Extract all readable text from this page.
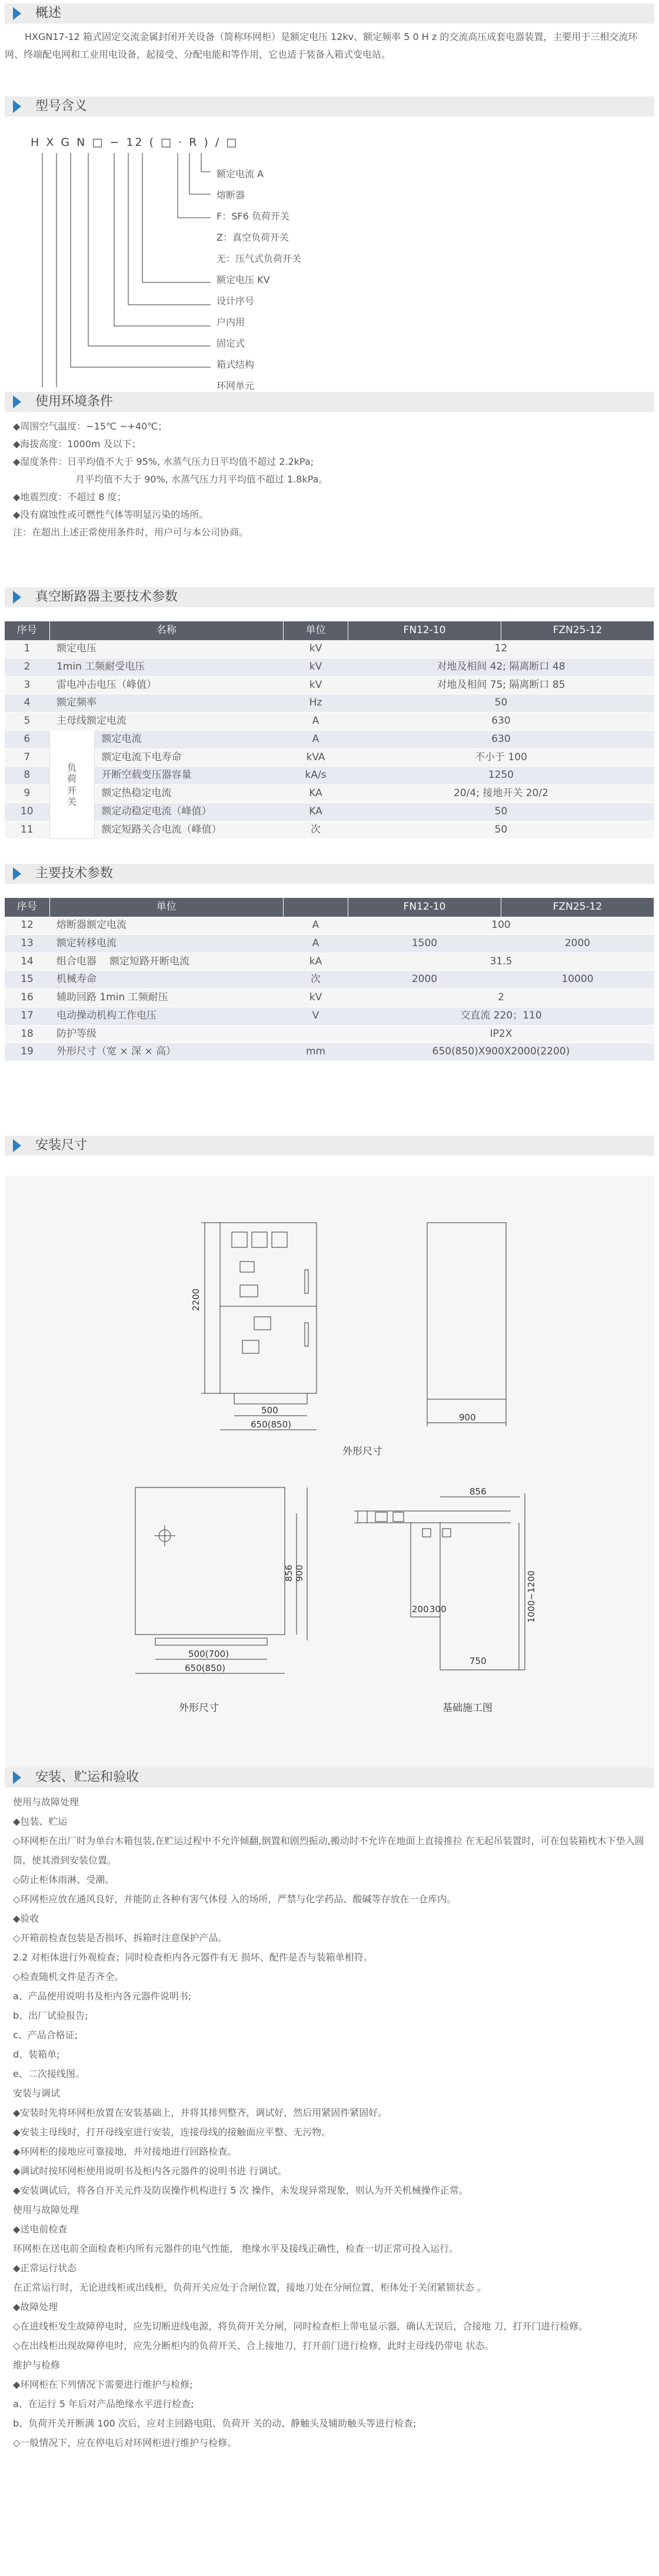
概述

HXGN17-12 箱式固定交流金属封闭开关设备（简称环网柜）是额定电压 12kv、额定频率 5 0 H z 的交流高压成套电器装置，主要用于三相交流环网、终端配电网和工业用电设备，起接受、分配电能和等作用，它也适于装备入箱式变电站。

型号含义
H X G N □ − 12 ( □ · R ) / □
额定电流 A
熔断器
F：SF6 负荷开关
Z：真空负荷开关
无：压气式负荷开关
额定电压 KV
设计序号
户内用
固定式
箱式结构
环网单元
使用环境条件

◆周围空气温度：−15℃ ~+40℃；

◆海拔高度：1000m 及以下；

◆湿度条件：日平均值不大于 95%, 水蒸气压力日平均值不超过 2.2kPa;

月平均值不大于 90%, 水蒸气压力月平均值不超过 1.8kPa。

◆地震烈度：不超过 8 度；

◆没有腐蚀性或可燃性气体等明显污染的场所。

注：在超出上述正常使用条件时，用户可与本公司协商。

真空断路器主要技术参数
序号	名称		单位	FN12-10	FZN25-12
1	额定电压		kV	12	
2	1min 工频耐受电压		kV	对地及相间 42; 隔离断口 48	
3	雷电冲击电压（峰值）		kV	对地及相间 75; 隔离断口 85	
4	额定频率		Hz	50	
5	主母线额定电流		A	630	
6	负荷开关	额定电流	A	630	
7		额定电流下电寿命	kVA	不小于 100	
8		开断空载变压器容量	kA/s	1250	
9		额定热稳定电流	KA	20/4; 接地开关 20/2	
10		额定动稳定电流（峰值）	KA	50	
11		额定短路关合电流（峰值）	次	50	
主要技术参数
序号	单位			FN12-10	FZN25-12
12	熔断器额定电流		A	100	
13	额定转移电流		A	1500	2000
14	组合电器	额定短路开断电流	kA	31.5	
15	机械寿命		次	2000	10000
16	辅助回路 1min 工频耐压		kV	2	
17	电动操动机构工作电压		V	交直流 220；110	
18	防护等级			IP2X	
19	外形尺寸（宽 × 深 × 高）		mm	650(850)X900X2000(2200)	
安装尺寸
2200
500
650(850)
900
外形尺寸
856 900
500(700)
650(850)
外形尺寸
856
200 300
750
1000~1200
基础施工图
安装、贮运和验收

使用与故障处理

◆包装、贮运

◇环网柜在出厂时为单台木箱包装,在贮运过程中不允许倾翻,倒置和剧烈振动,搬动时不允许在地面上直接推拉 在无起吊装置时，可在包装箱枕木下垫入圆筒，使其滑到安装位置。

◇防止柜体雨淋、受潮。

◇环网柜应放在通风良好，并能防止各种有害气体侵 入的场所，严禁与化学药品、酸碱等存放在一仓库内。

◆验收

◇开箱前检查包装是否损坏、拆箱时注意保护产品。

2.2 对柜体进行外观检查；同时检查柜内各元器件有无 损坏、配件是否与装箱单相符。

◇检查随机文件是否齐全。

a、产品使用说明书及柜内各元器件说明书;

b、出厂试验报告;

c、产品合格证;

d、装箱单;

e、二次接线图。

安装与调试

◆安装时先将环网柜放置在安装基础上，并将其排列整齐，调试好，然后用紧固件紧固好。

◆安装主母线时，打开母线室进行安装，连接母线的接触面应平整、无污物。

◆环网柜的接地应可靠接地，并对接地进行回路检查。

◆调试时按环网柜使用说明书及柜内各元器件的说明书进 行调试。

◆安装调试后，将各自开关元件及防误操作机构进行 5 次 操作，未发现异常现象，则认为开关机械操作正常。

使用与故障处理

◆送电前检查

环网柜在送电前全面检查柜内所有元器件的电气性能， 绝缘水平及接线正确性，检查一切正常可投入运行。

◆正常运行状态

在正常运行时，无论进线柜或出线柜，负荷开关应处于合闸位置，接地刀处在分闸位置，柜体处于关闭紧锁状态 。

◆故障处理

◇在进线柜发生故障停电时，应先切断进线电源，将负荷开关分闸，同时检查柜上带电显示器，确认无误后，合接地 刀，打开门进行检修。

◇在出线柜出现故障停电时，应先分断柜内的负荷开关、合上接地刀，打开前门进行检修，此时主母线仍带电 状态。

维护与检修

◆环网柜在下列情况下需要进行维护与检修;

a、在运行 5 年后对产品绝缘水平进行检查;

b、负荷开关开断满 100 次后，应对主回路电阻、负荷开 关的动、静触头及辅助触头等进行检查;

◇一般情况下，应在停电后对环网柜进行维护与检修。
